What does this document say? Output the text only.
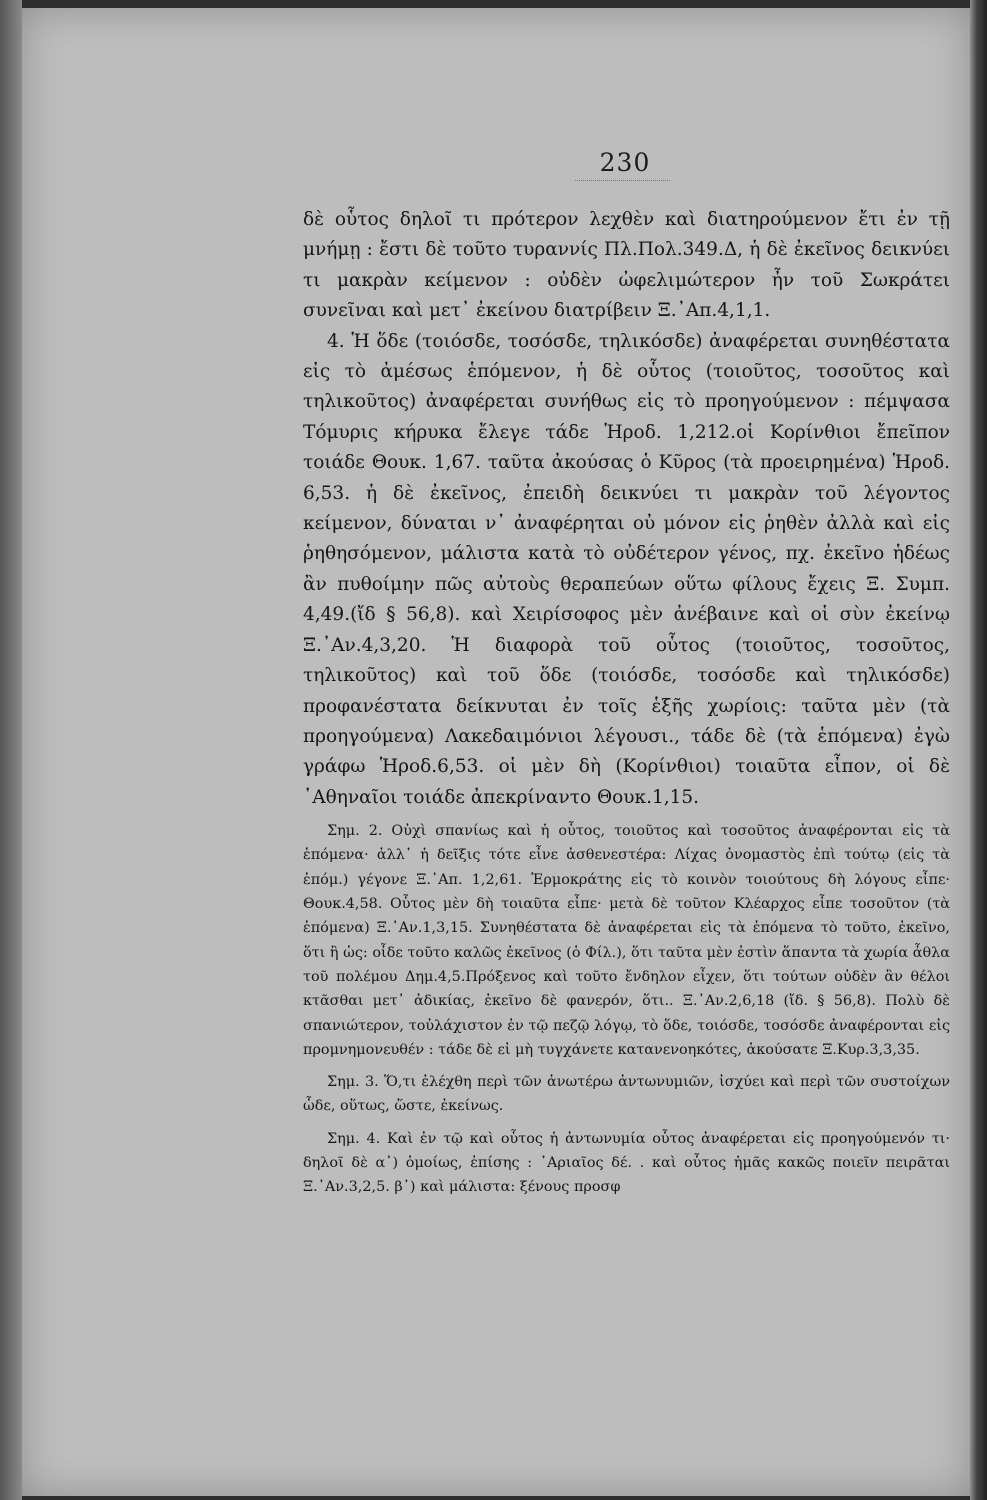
230

δὲ οὗτος δηλοῖ τι πρότερον λεχθὲν καὶ διατηρούμενον ἔτι ἐν τῇ μνήμῃ : ἔστι δὲ τοῦτο τυραννίς Πλ.Πολ.349.Δ, ἡ δὲ ἐκεῖνος δεικνύει τι μακρὰν κείμενον : οὐδὲν ὠφελιμώτερον ἦν τοῦ Σωκράτει συνεῖναι καὶ μετ᾽ ἐκείνου διατρίβειν Ξ.᾿Απ.4,1,1.

4. Ἡ ὅδε (τοιόσδε, τοσόσδε, τηλικόσδε) ἀναφέρεται συνηθέστατα εἰς τὸ ἀμέσως ἑπόμενον, ἡ δὲ οὗτος (τοιοῦτος, τοσοῦτος καὶ τηλικοῦτος) ἀναφέρεται συνήθως εἰς τὸ προηγούμενον : πέμψασα Τόμυρις κήρυκα ἔλεγε τάδε Ἡροδ. 1,212.οἱ Κορίνθιοι ἔπεῖπον τοιάδε Θουκ. 1,67. ταῦτα ἀκούσας ὁ Κῦρος (τὰ προειρημένα) Ἡροδ. 6,53. ἡ δὲ ἐκεῖνος, ἐπειδὴ δεικνύει τι μακρὰν τοῦ λέγοντος κείμενον, δύναται ν᾽ ἀναφέρηται οὐ μόνον εἰς ῥηθὲν ἀλλὰ καὶ εἰς ῥηθησόμενον, μάλιστα κατὰ τὸ οὐδέτερον γένος, πχ. ἐκεῖνο ἡδέως ἂν πυθοίμην πῶς αὐτοὺς θεραπεύων οὕτω φίλους ἔχεις Ξ. Συμπ. 4,49.(ἴδ § 56,8). καὶ Χειρίσοφος μὲν ἀνέβαινε καὶ οἱ σὺν ἐκείνῳ Ξ.᾿Αν.4,3,20. Ἡ διαφορὰ τοῦ οὗτος (τοιοῦτος, τοσοῦτος, τηλικοῦτος) καὶ τοῦ ὅδε (τοιόσδε, τοσόσδε καὶ τηλικόσδε) προφανέστατα δείκνυται ἐν τοῖς ἑξῆς χωρίοις: ταῦτα μὲν (τὰ προηγούμενα) Λακεδαιμόνιοι λέγουσι., τάδε δὲ (τὰ ἑπόμενα) ἐγὼ γράφω Ἡροδ.6,53. οἱ μὲν δὴ (Κορίνθιοι) τοιαῦτα εἶπον, οἱ δὲ ᾿Αθηναῖοι τοιάδε ἀπεκρίναντο Θουκ.1,15.

Σημ. 2. Οὐχὶ σπανίως καὶ ἡ οὗτος, τοιοῦτος καὶ τοσοῦτος ἀναφέρονται εἰς τὰ ἑπόμενα· ἀλλ᾽ ἡ δεῖξις τότε εἶνε ἀσθενεστέρα: Λίχας ὀνομαστὸς ἐπὶ τούτῳ (εἰς τὰ ἑπόμ.) γέγονε Ξ.᾿Απ. 1,2,61. Ἑρμοκράτης εἰς τὸ κοινὸν τοιούτους δὴ λόγους εἶπε· Θουκ.4,58. Οὗτος μὲν δὴ τοιαῦτα εἶπε· μετὰ δὲ τοῦτον Κλέαρχος εἶπε τοσοῦτον (τὰ ἑπόμενα) Ξ.᾿Αν.1,3,15. Συνηθέστατα δὲ ἀναφέρεται εἰς τὰ ἑπόμενα τὸ τοῦτο, ἐκεῖνο, ὅτι ἢ ὡς: οἶδε τοῦτο καλῶς ἐκεῖνος (ὁ Φίλ.), ὅτι ταῦτα μὲν ἐστὶν ἅπαντα τὰ χωρία ἆθλα τοῦ πολέμου Δημ.4,5.Πρόξενος καὶ τοῦτο ἔνδηλον εἶχεν, ὅτι τούτων οὐδὲν ἂν θέλοι κτᾶσθαι μετ᾽ ἀδικίας, ἐκεῖνο δὲ φανερόν, ὅτι.. Ξ.᾿Αν.2,6,18 (ἴδ. § 56,8). Πολὺ δὲ σπανιώτερον, τοὐλάχιστον ἐν τῷ πεζῷ λόγῳ, τὸ ὅδε, τοιόσδε, τοσόσδε ἀναφέρονται εἰς προμνημονευθέν : τάδε δὲ εἰ μὴ τυγχάνετε κατανενοηκότες, ἀκούσατε Ξ.Κυρ.3,3,35.

Σημ. 3. Ὅ,τι ἐλέχθη περὶ τῶν ἀνωτέρω ἀντωνυμιῶν, ἰσχύει καὶ περὶ τῶν συστοίχων ὧδε, οὕτως, ὥστε, ἐκείνως.

Σημ. 4. Καὶ ἐν τῷ καὶ οὗτος ἡ ἀντωνυμία οὗτος ἀναφέρεται εἰς προηγούμενόν τι· δηλοῖ δὲ α᾽) ὁμοίως, ἐπίσης : ᾿Αριαῖος δέ. . καὶ οὗτος ἡμᾶς κακῶς ποιεῖν πειρᾶται Ξ.᾿Αν.3,2,5. β᾽) καὶ μάλιστα: ξένους προσφ
